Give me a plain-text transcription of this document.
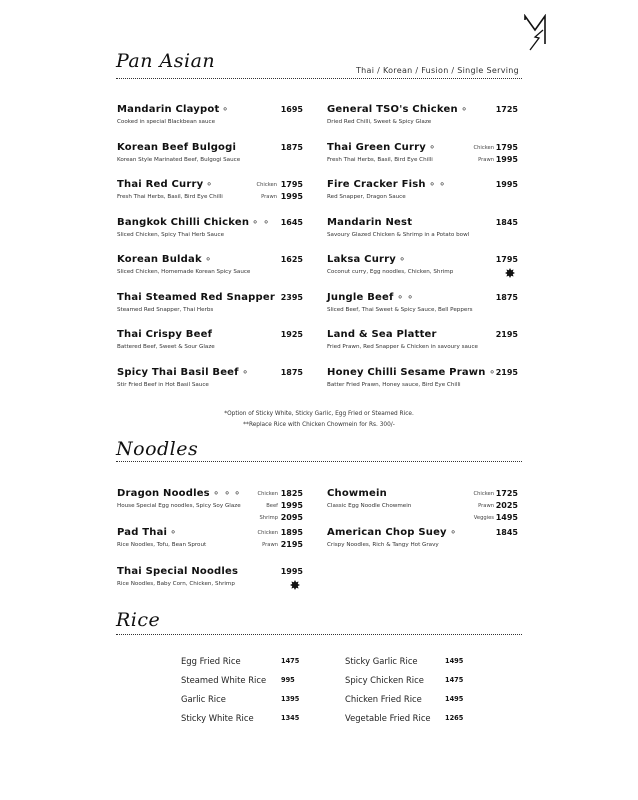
Pan Asian	Thai / Korean / Fusion / Single Serving
Noodles
Rice
*Option of Sticky White, Sticky Garlic, Egg Fried or Steamed Rice.
**Replace Rice with Chicken Chowmein for Rs. 300/-
Mandarin Claypot⚬
Cooked in special Blackbean sauce
1695
Korean Beef Bulgogi
Korean Style Marinated Beef, Bulgogi Sauce
1875
Thai Red Curry⚬
Fresh Thai Herbs, Basil, Bird Eye Chilli
Chicken 1795
Prawn 1995
Bangkok Chilli Chicken⚬⚬
Sliced Chicken, Spicy Thai Herb Sauce
1645
Korean Buldak⚬
Sliced Chicken, Homemade Korean Spicy Sauce
1625
Thai Steamed Red Snapper
Steamed Red Snapper, Thai Herbs
2395
Thai Crispy Beef
Battered Beef, Sweet & Sour Glaze
1925
Spicy Thai Basil Beef⚬
Stir Fried Beef in Hot Basil Sauce
1875
General TSO's Chicken⚬
Dried Red Chilli, Sweet & Spicy Glaze
1725
Thai Green Curry⚬
Fresh Thai Herbs, Basil, Bird Eye Chilli
Chicken 1795
Prawn 1995
Fire Cracker Fish⚬⚬
Red Snapper, Dragon Sauce
1995
Mandarin Nest
Savoury Glazed Chicken & Shrimp in a Potato bowl
1845
Laksa Curry⚬
Coconut curry, Egg noodles, Chicken, Shrimp
1795
Jungle Beef⚬⚬
Sliced Beef, Thai Sweet & Spicy Sauce, Bell Peppers
1875
Land & Sea Platter
Fried Prawn, Red Snapper & Chicken in savoury sauce
2195
Honey Chilli Sesame Prawn⚬
Batter Fried Prawn, Honey sauce, Bird Eye Chilli
2195
Dragon Noodles⚬⚬⚬
House Special Egg noodles, Spicy Soy Glaze
Chicken 1825
Beef 1995
Shrimp 2095
Pad Thai⚬
Rice Noodles, Tofu, Bean Sprout
Chicken 1895
Prawn 2195
Thai Special Noodles
Rice Noodles, Baby Corn, Chicken, Shrimp
1995
Chowmein
Classic Egg Noodle Chowmein
Chicken 1725
Prawn 2025
Veggies 1495
American Chop Suey⚬
Crispy Noodles, Rich & Tangy Hot Gravy
1845
Egg Fried Rice	1475
Steamed White Rice 995
Garlic Rice	1395
Sticky White Rice	1345
Sticky Garlic Rice	1495
Spicy Chicken Rice	1475
Chicken Fried Rice	1495
Vegetable Fried Rice 1265
